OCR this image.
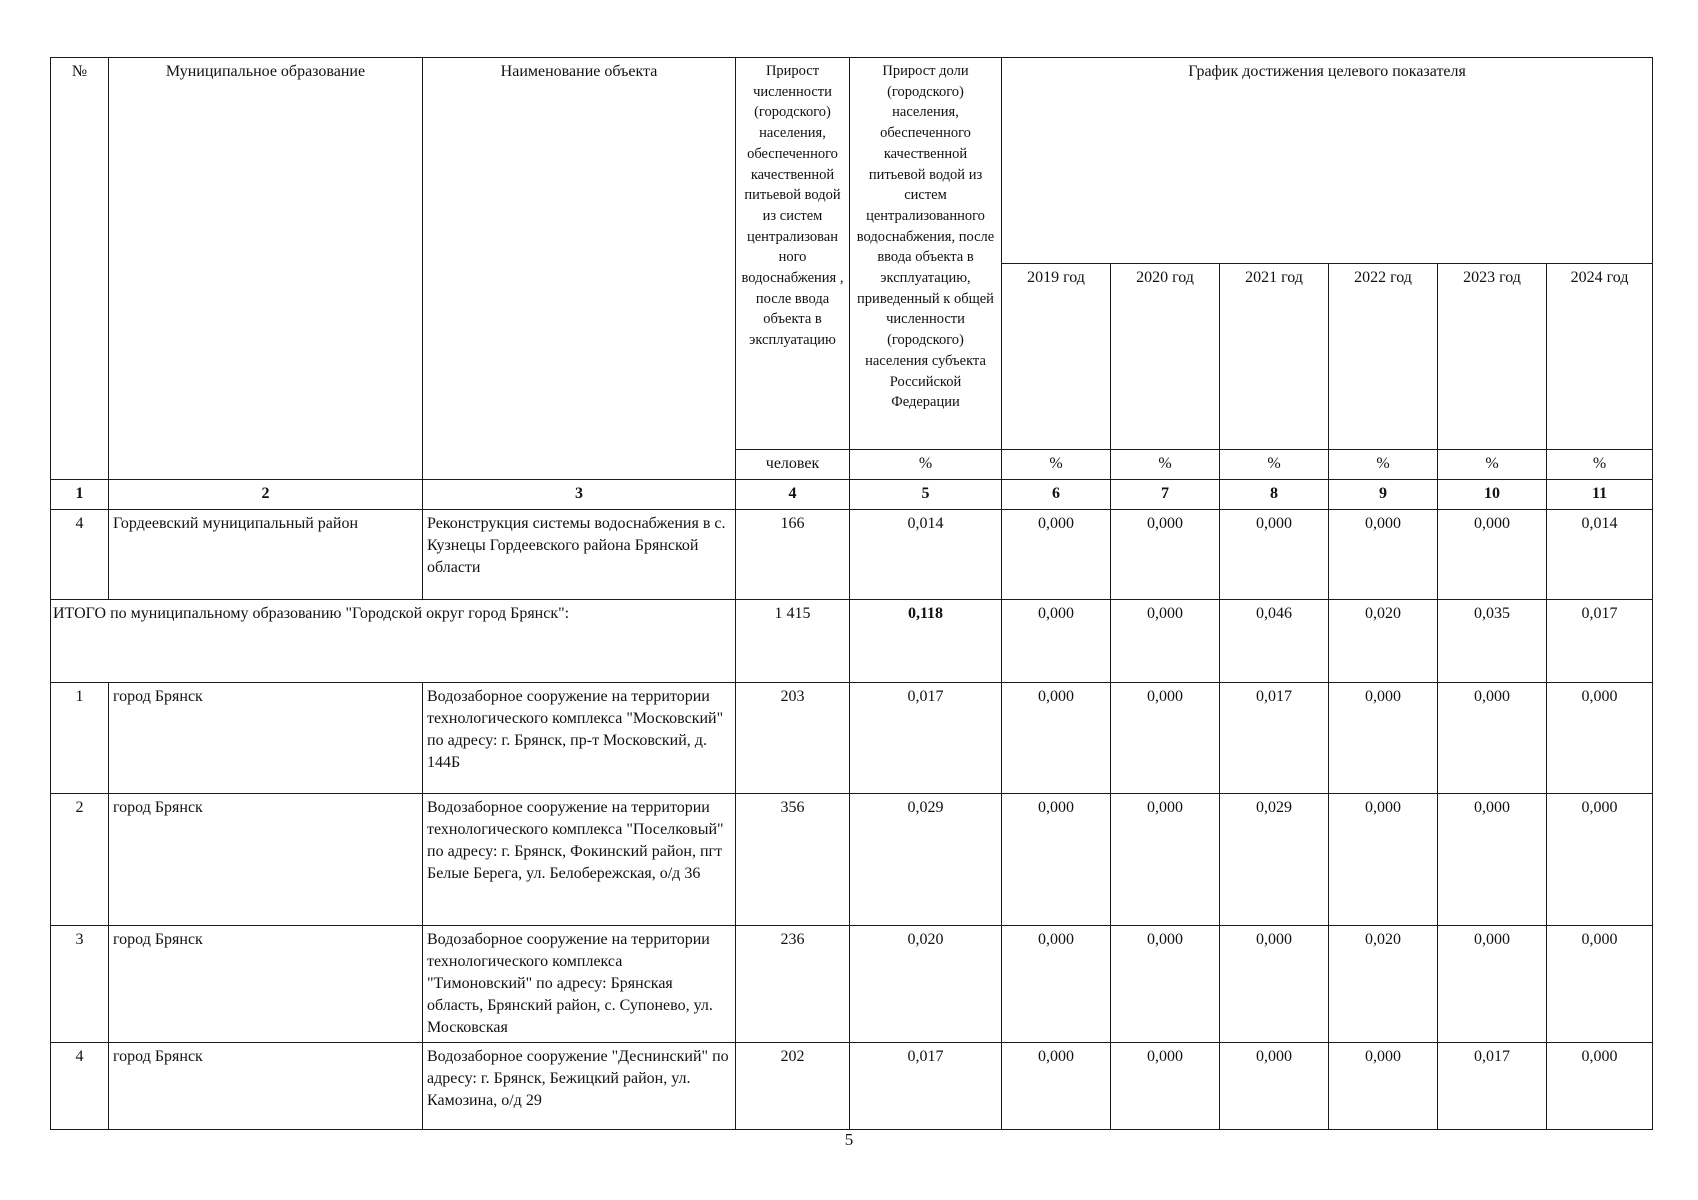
№	Муниципальное образование	Наименование объекта	Прирост численности (городского) населения, обеспеченного качественной питьевой водой из систем централизован ного водоснабжения , после ввода объекта в эксплуатацию	Прирост доли (городского) населения, обеспеченного качественной питьевой водой из систем централизованного водоснабжения, после ввода объекта в эксплуатацию, приведенный к общей численности (городского) населения субъекта Российской Федерации	График достижения целевого показателя					
					2019 год	2020 год	2021 год	2022 год	2023 год	2024 год
			человек	%	%	%	%	%	%	%
1	2	3	4	5	6	7	8	9	10	11
4	Гордеевский муниципальный район	Реконструкция системы водоснабжения в с. Кузнецы Гордеевского района Брянской области	166	0,014	0,000	0,000	0,000	0,000	0,000	0,014
ИТОГО по муниципальному образованию "Городской округ город Брянск":			1 415	0,118	0,000	0,000	0,046	0,020	0,035	0,017
1	город Брянск	Водозаборное сооружение на территории технологического комплекса "Московский" по адресу: г. Брянск, пр-т Московский, д. 144Б	203	0,017	0,000	0,000	0,017	0,000	0,000	0,000
2	город Брянск	Водозаборное сооружение на территории технологического комплекса "Поселковый" по адресу: г. Брянск, Фокинский район, пгт Белые Берега, ул. Белобережская, о/д 36	356	0,029	0,000	0,000	0,029	0,000	0,000	0,000
3	город Брянск	Водозаборное сооружение на территории технологического комплекса "Тимоновский" по адресу: Брянская область, Брянский район, с. Супонево, ул. Московская	236	0,020	0,000	0,000	0,000	0,020	0,000	0,000
4	город Брянск	Водозаборное сооружение "Деснинский" по адресу: г. Брянск, Бежицкий район, ул. Камозина, о/д 29	202	0,017	0,000	0,000	0,000	0,000	0,017	0,000
5
